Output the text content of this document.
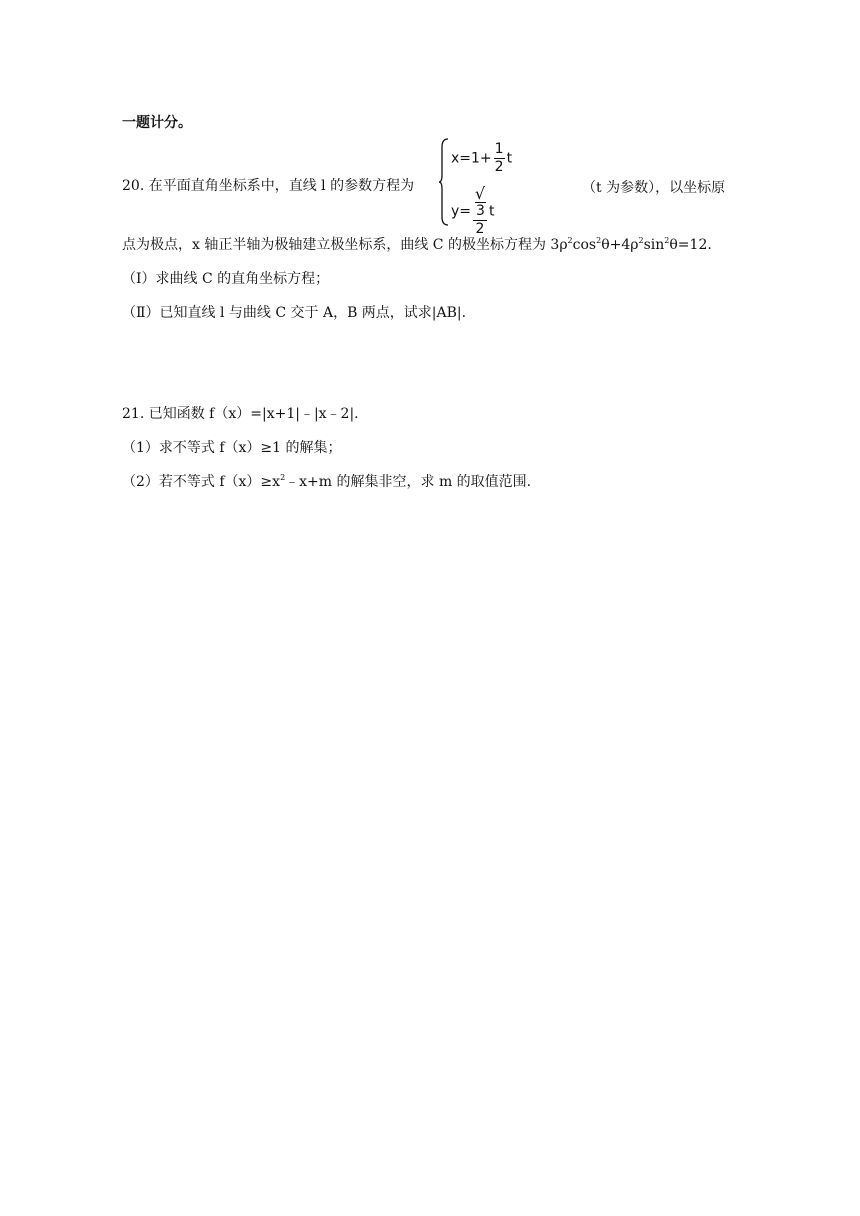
一题计分。
20. 在平面直角坐标系中，直线 l 的参数方程为
$x=1+ \frac{1}{2}$ t
y= √
3
2 t
（t 为参数），以坐标原
点为极点，x 轴正半轴为极轴建立极坐标系，曲线 C 的极坐标方程为 $3\rho^2\cos^2\theta+4\rho^2\sin^2\theta=12$.
（Ⅰ）求曲线 C 的直角坐标方程；
（Ⅱ）已知直线 l 与曲线 C 交于 A，B 两点，试求|AB|.
21. 已知函数 f（x）=|x+1|﹣|x﹣2|.
（1）求不等式 f（x）≥1 的解集；
（2）若不等式 $f(x)\ge x^2﹣x+m$ 的解集非空，求 m 的取值范围.
